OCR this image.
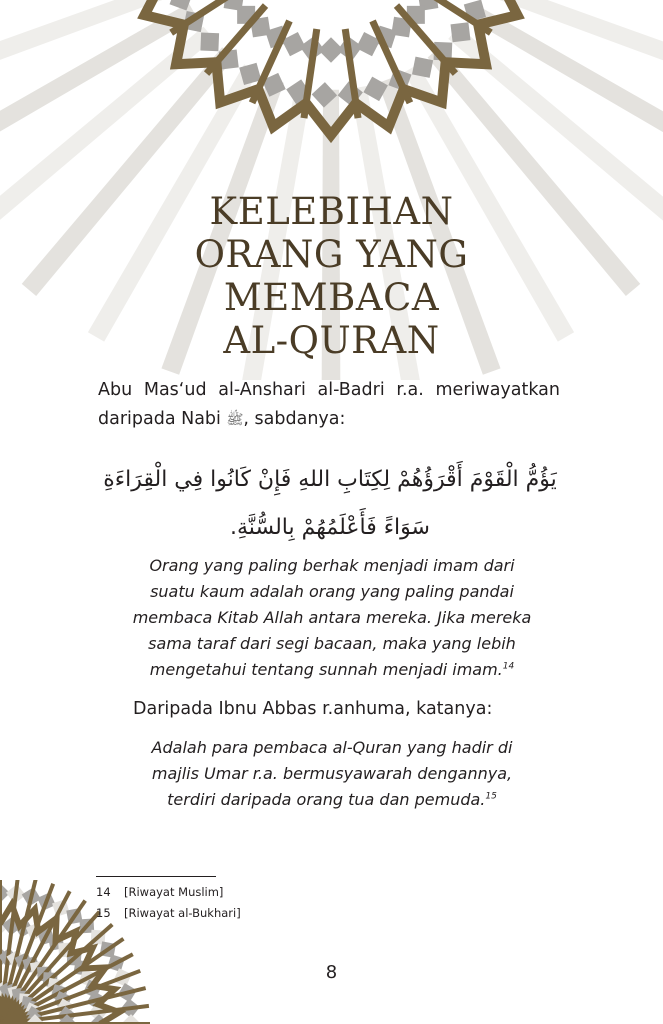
KELEBIHAN
ORANG YANG
MEMBACA
AL-QURAN

Abu Mas‘ud al-Anshari al-Badri r.a. meriwayatkan daripada Nabi ﷺ, sabdanya:

يَؤُمُّ الْقَوْمَ أَقْرَؤُهُمْ لِكِتَابِ اللهِ فَإِنْ كَانُوا فِي الْقِرَاءَةِ
سَوَاءً فَأَعْلَمُهُمْ بِالسُّنَّةِ.

Orang yang paling berhak menjadi imam dari suatu kaum adalah orang yang paling pandai membaca Kitab Allah antara mereka. Jika mereka sama taraf dari segi bacaan, maka yang lebih mengetahui tentang sunnah menjadi imam.$^{14}$

Daripada Ibnu Abbas r.anhuma, katanya:

Adalah para pembaca al-Quran yang hadir di majlis Umar r.a. bermusyawarah dengannya, terdiri daripada orang tua dan pemuda.$^{15}$

14	[Riwayat Muslim]
15	[Riwayat al-Bukhari]
8
